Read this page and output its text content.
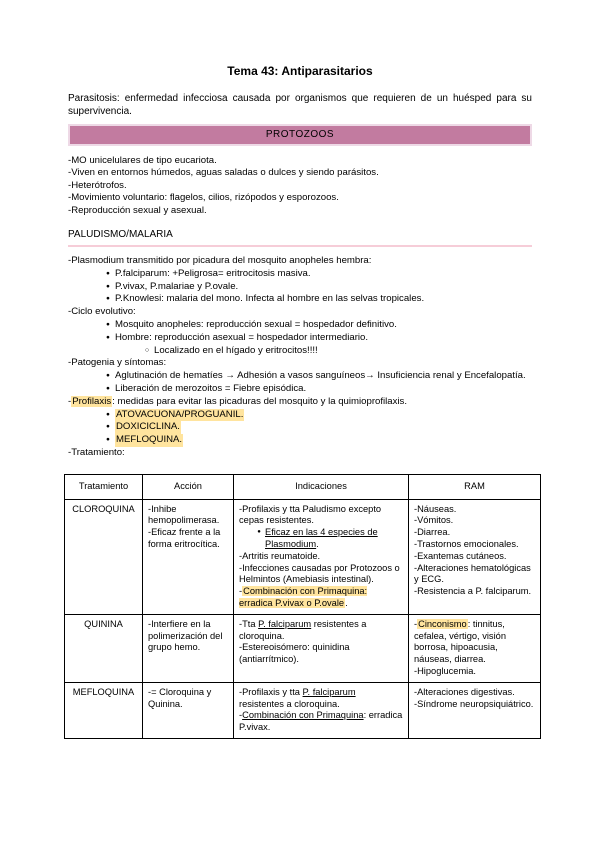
Tema 43: Antiparasitarios

Parasitosis: enfermedad infecciosa causada por organismos que requieren de un huésped para su supervivencia.

PROTOZOOS
-MO unicelulares de tipo eucariota.
-Viven en entornos húmedos, aguas saladas o dulces y siendo parásitos.
-Heterótrofos.
-Movimiento voluntario: flagelos, cilios, rizópodos y esporozoos.
-Reproducción sexual y asexual.
PALUDISMO/MALARIA
-Plasmodium transmitido por picadura del mosquito anopheles hembra:
● P.falciparum: +Peligrosa= eritrocitosis masiva.
● P.vivax, P.malariae y P.ovale.
● P.Knowlesi: malaria del mono. Infecta al hombre en las selvas tropicales.
-Ciclo evolutivo:
● Mosquito anopheles: reproducción sexual = hospedador definitivo.
● Hombre: reproducción asexual = hospedador intermediario.
○ Localizado en el hígado y eritrocitos!!!!
-Patogenia y síntomas:
● Aglutinación de hematíes → Adhesión a vasos sanguíneos→ Insuficiencia renal y Encefalopatía.
● Liberación de merozoitos = Fiebre episódica.
-Profilaxis: medidas para evitar las picaduras del mosquito y la quimioprofilaxis.
● ATOVACUONA/PROGUANIL.
● DOXICICLINA.
● MEFLOQUINA.
-Tratamiento:
Tratamiento	Acción	Indicaciones	RAM
CLOROQUINA	-Inhibe hemopolimerasa.
-Eficaz frente a la forma eritrocítica.

-Profilaxis y tta Paludismo excepto cepas resistentes.
● Eficaz en las 4 especies de Plasmodium.
-Artritis reumatoide.
-Infecciones causadas por Protozoos o Helmintos (Amebiasis intestinal).
-Combinación con Primaquina: erradica P.vivax o P.ovale.

-Náuseas.
-Vómitos.
-Diarrea.
-Trastornos emocionales.
-Exantemas cutáneos.
-Alteraciones hematológicas y ECG.
-Resistencia a P. falciparum.

QUININA	-Interfiere en la polimerización del grupo hemo.

-Tta P. falciparum resistentes a cloroquina.
-Estereoisómero: quinidina (antiarrítmico).

-Cinconismo: tinnitus, cefalea, vértigo, visión borrosa, hipoacusia, náuseas, diarrea.
-Hipoglucemia.

MEFLOQUINA	-= Cloroquina y Quinina.

-Profilaxis y tta P. falciparum resistentes a cloroquina.
-Combinación con Primaquina: erradica P.vivax.

-Alteraciones digestivas.
-Síndrome neuropsiquiátrico.
